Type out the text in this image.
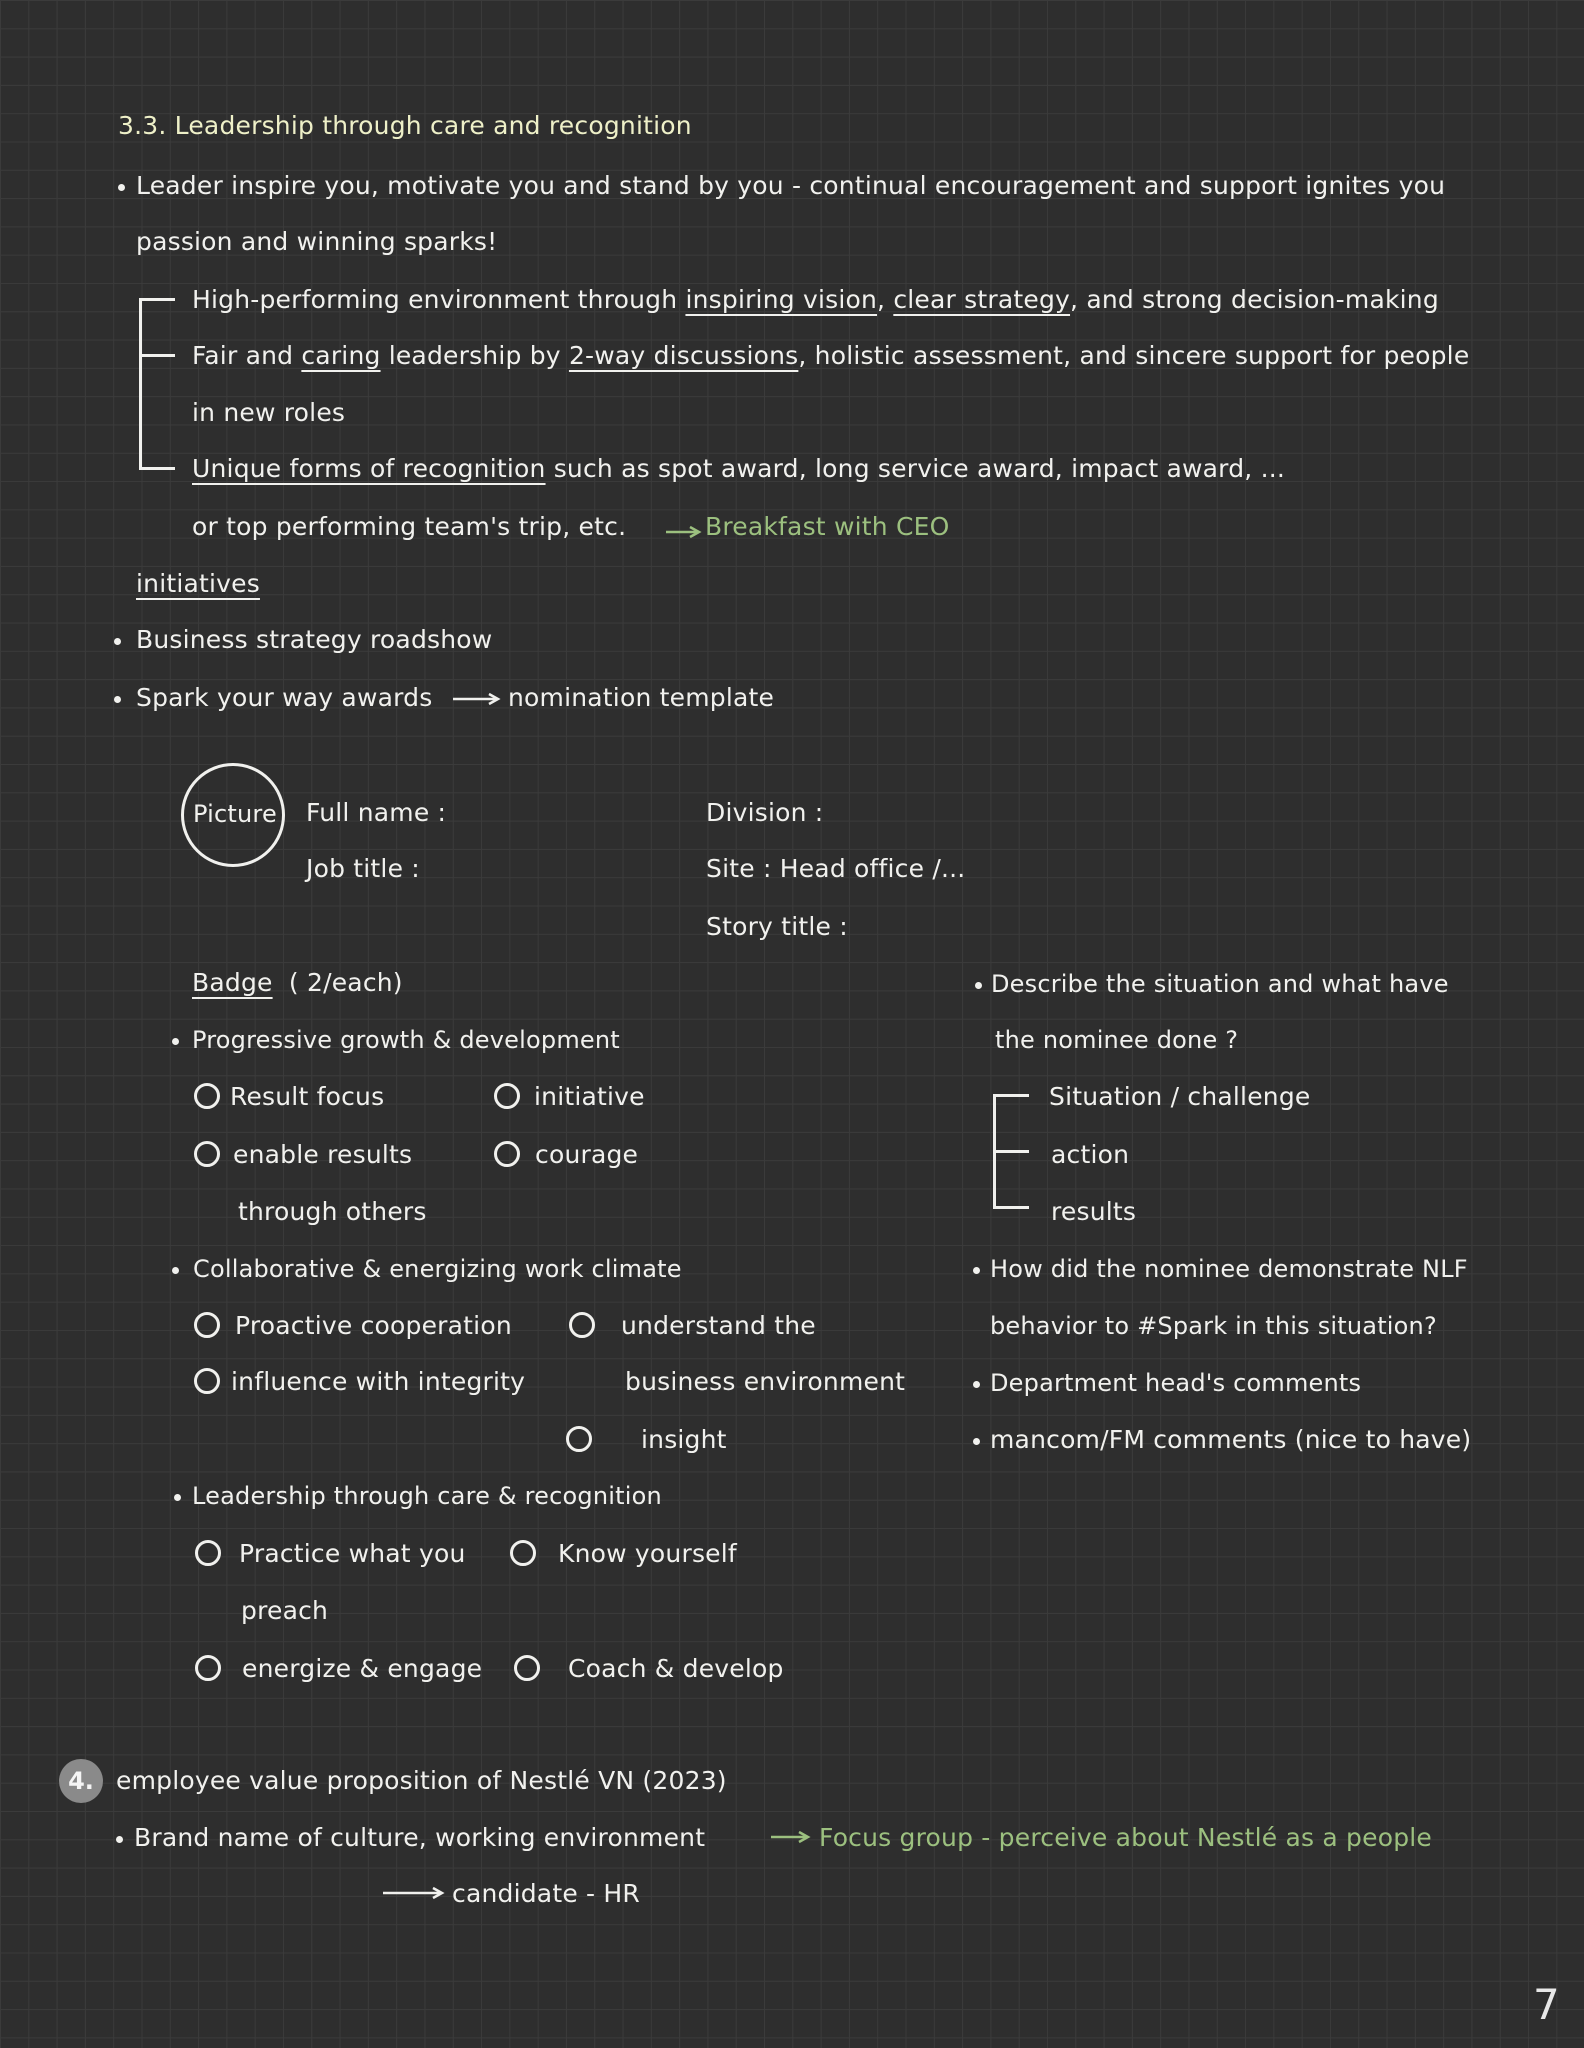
3.3. Leadership through care and recognition
Leader inspire you, motivate you and stand by you - continual encouragement and support ignites you
passion and winning sparks!
High-performing environment through inspiring vision, clear strategy, and strong decision-making
Fair and caring leadership by 2-way discussions, holistic assessment, and sincere support for people
in new roles
Unique forms of recognition such as spot award, long service award, impact award, ...
or top performing team's trip, etc.	Breakfast with CEO
initiatives
Business strategy roadshow
Spark your way awards	nomination template
Picture Full name :
Job title :
Division :
Site : Head office /...
Story title :
Badge ( 2/each)
Progressive growth & development
Result focus	initiative
enable results	courage
through others
Collaborative & energizing work climate
Proactive cooperation	understand the
influence with integrity	business environment
insight
Leadership through care & recognition
Practice what you	Know yourself
preach
energize & engage	Coach & develop
Describe the situation and what have
the nominee done ?
Situation / challenge
action
results
How did the nominee demonstrate NLF
behavior to #Spark in this situation?
Department head's comments
mancom/FM comments (nice to have)
4. employee value proposition of Nestlé VN (2023)
Brand name of culture, working environment	Focus group - perceive about Nestlé as a people
candidate - HR
7
